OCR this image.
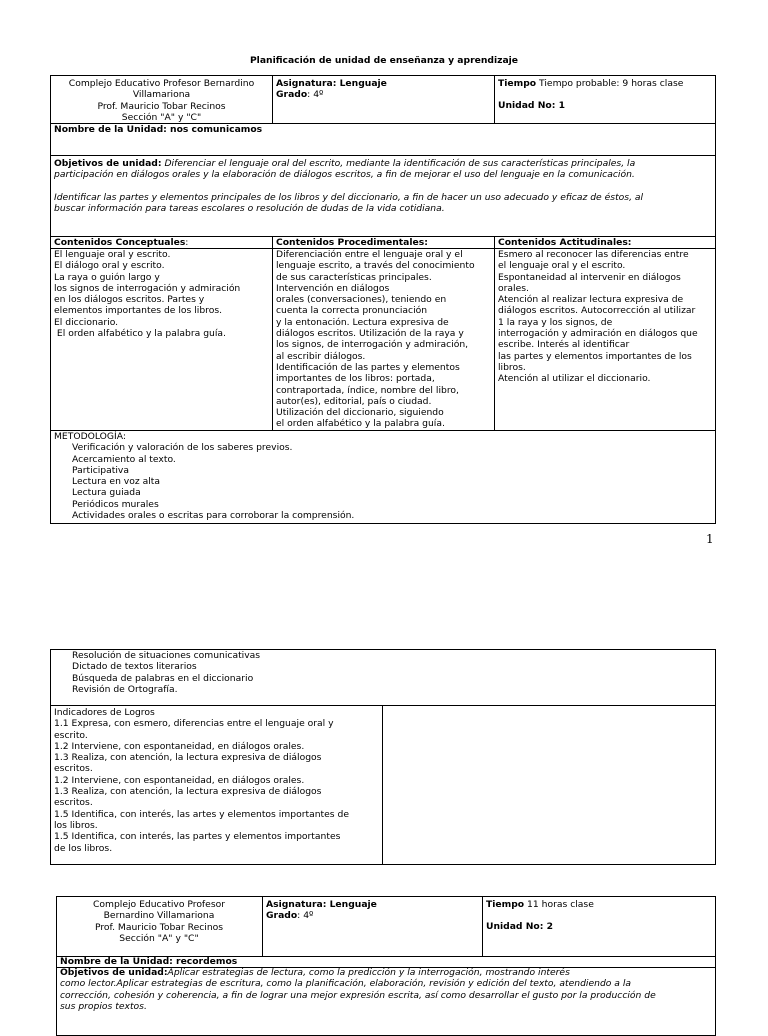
Planificación de unidad de enseñanza y aprendizaje
Complejo Educativo Profesor Bernardino
Villamariona
Prof. Mauricio Tobar Recinos
Sección "A" y "C"
Asignatura: Lenguaje
Grado: 4º
Tiempo Tiempo probable: 9 horas clase
Unidad No: 1
Nombre de la Unidad: nos comunicamos
Objetivos de unidad: Diferenciar el lenguaje oral del escrito, mediante la identificación de sus características principales, la
participación en diálogos orales y la elaboración de diálogos escritos, a fin de mejorar el uso del lenguaje en la comunicación.
Identificar las partes y elementos principales de los libros y del diccionario, a fin de hacer un uso adecuado y eficaz de éstos, al
buscar información para tareas escolares o resolución de dudas de la vida cotidiana.
Contenidos Conceptuales:	Contenidos Procedimentales:	Contenidos Actitudinales:
El lenguaje oral y escrito.
El diálogo oral y escrito.
La raya o guión largo y
los signos de interrogación y admiración
en los diálogos escritos. Partes y
elementos importantes de los libros.
El diccionario.
El orden alfabético y la palabra guía.
Diferenciación entre el lenguaje oral y el
lenguaje escrito, a través del conocimiento
de sus características principales.
Intervención en diálogos
orales (conversaciones), teniendo en
cuenta la correcta pronunciación
y la entonación. Lectura expresiva de
diálogos escritos. Utilización de la raya y
los signos, de interrogación y admiración,
al escribir diálogos.
Identificación de las partes y elementos
importantes de los libros: portada,
contraportada, índice, nombre del libro,
autor(es), editorial, país o ciudad.
Utilización del diccionario, siguiendo
el orden alfabético y la palabra guía.
Esmero al reconocer las diferencias entre
el lenguaje oral y el escrito.
Espontaneidad al intervenir en diálogos
orales.
Atención al realizar lectura expresiva de
diálogos escritos. Autocorrección al utilizar
1 la raya y los signos, de
interrogación y admiración en diálogos que
escribe. Interés al identificar
las partes y elementos importantes de los
libros.
Atención al utilizar el diccionario.
METODOLOGÍA:
Verificación y valoración de los saberes previos.
Acercamiento al texto.
Participativa
Lectura en voz alta
Lectura guiada
Periódicos murales
Actividades orales o escritas para corroborar la comprensión.
1
Resolución de situaciones comunicativas
Dictado de textos literarios
Búsqueda de palabras en el diccionario
Revisión de Ortografía.
Indicadores de Logros
1.1 Expresa, con esmero, diferencias entre el lenguaje oral y
escrito.
1.2 Interviene, con espontaneidad, en diálogos orales.
1.3 Realiza, con atención, la lectura expresiva de diálogos
escritos.
1.2 Interviene, con espontaneidad, en diálogos orales.
1.3 Realiza, con atención, la lectura expresiva de diálogos
escritos.
1.5 Identifica, con interés, las artes y elementos importantes de
los libros.
1.5 Identifica, con interés, las partes y elementos importantes
de los libros.
Complejo Educativo Profesor
Bernardino Villamariona
Prof. Mauricio Tobar Recinos
Sección "A" y "C"
Asignatura: Lenguaje
Grado: 4º
Tiempo 11 horas clase
Unidad No: 2
Nombre de la Unidad: recordemos
Objetivos de unidad:Aplicar estrategias de lectura, como la predicción y la interrogación, mostrando interés
como lector.Aplicar estrategias de escritura, como la planificación, elaboración, revisión y edición del texto, atendiendo a la
corrección, cohesión y coherencia, a fin de lograr una mejor expresión escrita, así como desarrollar el gusto por la producción de
sus propios textos.
